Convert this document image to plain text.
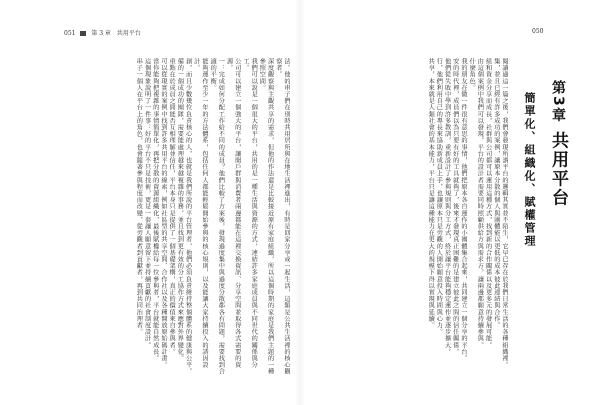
051	第 3 章 共用平台

法。他的串子們在別時共用居所與在地生活裡進出，有時是回家分享或一起生活，這類是公共生活裡的核心觀察者。

深度觀察與主觀共享的需求，但他的作法還是比較接近原有家庭組織，所以這個時期的家庭是我們主題的一種參照空間。

我們可以說是一個很大的平台，共用的是一種生活與資源的方式，連結許多家庭成員與不同世代的關係與分工。

公司可以建立一個強大的平台，讓開戶群與消費者兩邊都能在這裡交換資訊、分享空間並取得各式需要的資源。

一：完成如何分配工作給不同的成員？他們比較了方案後，發現過度集中與過度分散都各有問題，需要找到合適的平衡。

能夠運作至少一年的方法體系，包括任何人都能輕鬆開始參與的核心規則，以及能讓大家持續投入的誘因設計。

創，而且少數幾位負責核心的人，也就是我們所說的平台管理者，他們必須負責維持整個體系的健康與公平。

備的一個成功的團隊，需要能處理越來越複雜的事務，並且找到更有效的分工協作方式來應對外界變化。

重點在於成員之間能否互相理解並信任，平台本身只是提供了一個基礎架構，真正的價值來自參與者。

可以從現實的案例中找到許多共用平台的線索，例如社區型的共享空間、合作社以及各種開放原始碼計畫。

當你能夠把複雜的事情簡單化，再把分散的資源組織化，最後賦權給每一位參與者，平台就能自然成長。

這個現象說明了一件事：好的平台不只是技術，更是一套讓人願意留下並持續貢獻的社會制度設計。

串子一個人在平台上的角色，也會隨著參與程度而改變，從旁觀者到貢獻者，再到共同治理者。

050
第3章 共用平台
簡單化、組織化、賦權管理

閱讀過這一篇之後，我們會發現所謂平台的邏輯其實並不陌生，它早已存在於我們日常生活的各種組織裡。

集，並且已經有許多成功的案例，讓原本分散的個人與團體能以更低的成本彼此連結與合作。

組和資金分享而成長，社群與公司都可以運用這種方式，找到新的合作關係以及更多元的發展可能。

由這個案例中我們可以發現，平台的設計者需要同時照顧供給方與需求方，讓兩邊都願意持續參與。

什麼角色。

我的朋友在做一件很有意思的事情，他們把原本各自運作的小團體集合起來，共同建立一個分享的平台。

安的時代裡，成員們以為只要有好的工具就夠了，後來才發現真正困難的是建立彼此之間的信任關係。

他們從失敗中學到許多教訓，重新設計了參與規則與分工方式，終於讓平台能夠穩定運作並逐步擴大。

行，他們利用自己的專長來協助新成員上手，也讓原本只是旁觀的人開始願意投入時間與心力。

共享，本來就是人類社會的基本能力，平台只是讓這種能力在更大的規模下得以實現與延續。
